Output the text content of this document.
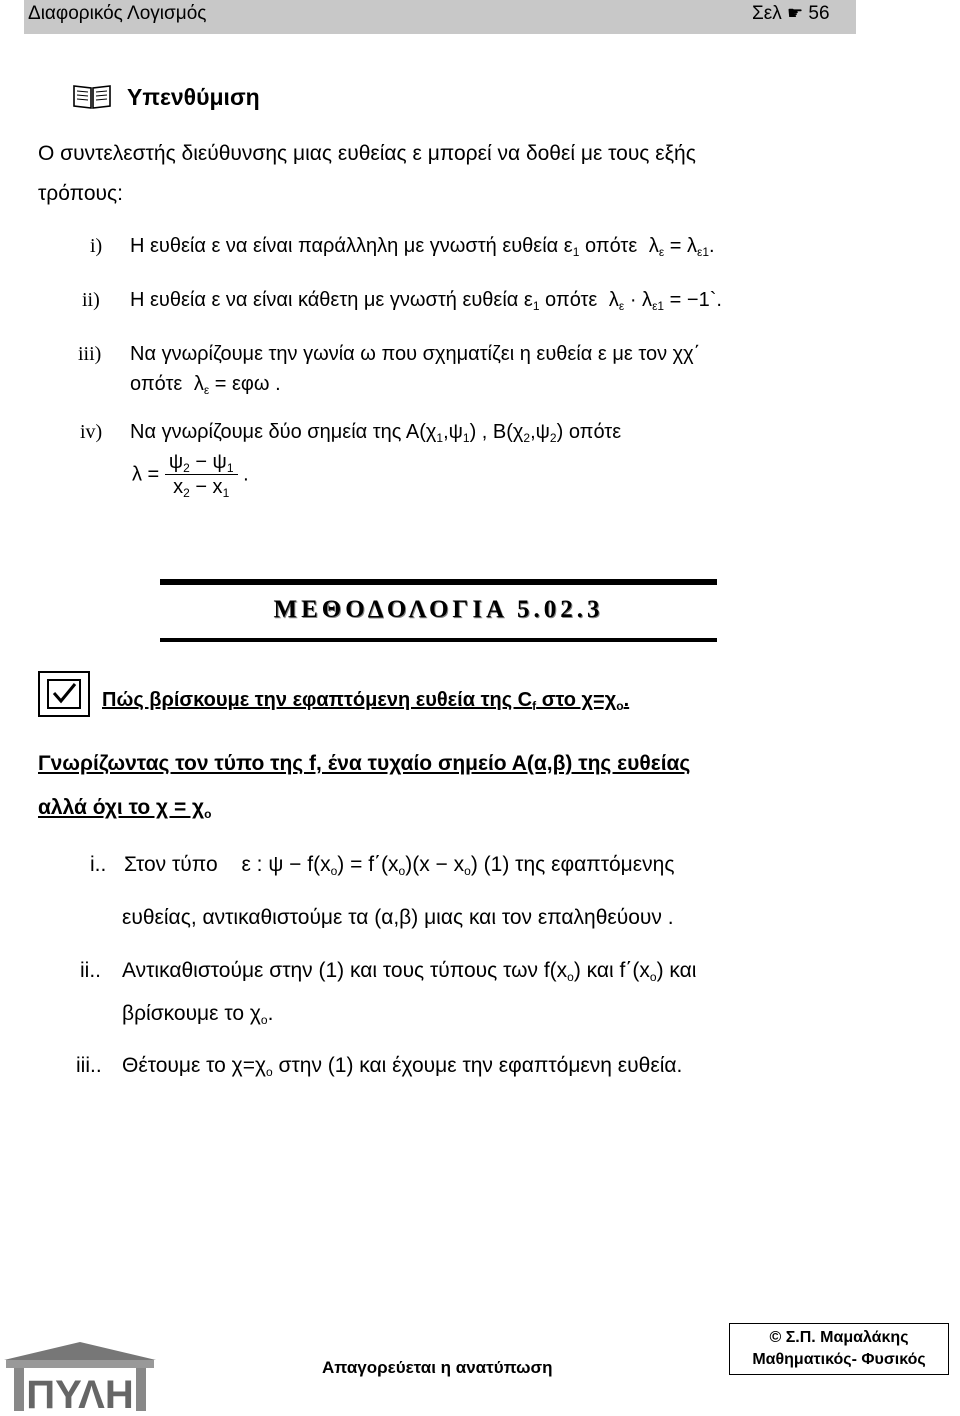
Διαφορικός Λογισμός	Σελ ☛ 56
Υπενθύμιση
Ο συντελεστής διεύθυνσης μιας ευθείας ε μπορεί να δοθεί με τους εξής
τρόπους:
i) Η ευθεία ε να είναι παράλληλη με γνωστή ευθεία $\varepsilon_1$ οπότε $\lambda_\varepsilon = \lambda_{\varepsilon 1}$.
ii) Η ευθεία ε να είναι κάθετη με γνωστή ευθεία $\varepsilon_1$ οπότε $\lambda_\varepsilon \cdot \lambda_{\varepsilon 1}$ = −1`.
iii) Να γνωρίζουμε την γωνία ω που σχηματίζει η ευθεία ε με τον χχ΄
οπότε $\lambda_\varepsilon = \varepsilon\varphi\omega$ .
iv) Να γνωρίζουμε δύο σημεία της $A(\chi_1,\psi_1)$ , $B(\chi_2,\psi_2)$ οπότε
$\lambda = \frac{\psi_2 - \psi_1}{x_2 - x_1}$ .
ΜΕΘΟΔΟΛΟΓΙΑ 5.02.3
Πώς βρίσκουμε την εφαπτόμενη ευθεία της $C_f$ στο $\chi=\chi_o$.
Γνωρίζωντας τον τύπο της f, ένα τυχαίο σημείο Α(α,β) της ευθείας
αλλά όχι το $\chi = \chi_o$
i.. Στον τύπο ε : $\psi - f(x_o) = f΄(x_o)(x - x_o)$ (1) της εφαπτόμενης
ευθείας, αντικαθιστούμε τα (α,β) μιας και τον επαληθεύουν .
ii.. Αντικαθιστούμε στην (1) και τους τύπους των $f(x_o)$ και $f΄(x_o)$ και
βρίσκουμε το $\chi_o$.
iii.. Θέτουμε το $\chi=\chi_o$ στην (1) και έχουμε την εφαπτόμενη ευθεία.
ΠΥΛΗ
Απαγορεύεται η ανατύπωση
© Σ.Π. Μαμαλάκης
Μαθηματικός- Φυσικός
